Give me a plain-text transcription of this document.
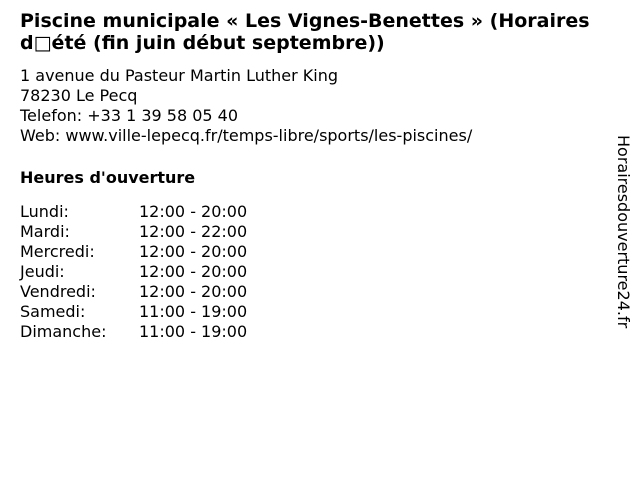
Piscine municipale « Les Vignes-Benettes » (Horaires d□été (fin juin début septembre))
1 avenue du Pasteur Martin Luther King
78230 Le Pecq
Telefon: +33 1 39 58 05 40
Web: www.ville-lepecq.fr/temps-libre/sports/les-piscines/
Heures d'ouverture
Lundi:	12:00 - 20:00
Mardi:	12:00 - 22:00
Mercredi:	12:00 - 20:00
Jeudi:	12:00 - 20:00
Vendredi:	12:00 - 20:00
Samedi:	11:00 - 19:00
Dimanche:	11:00 - 19:00
Horairesdouverture24.fr
